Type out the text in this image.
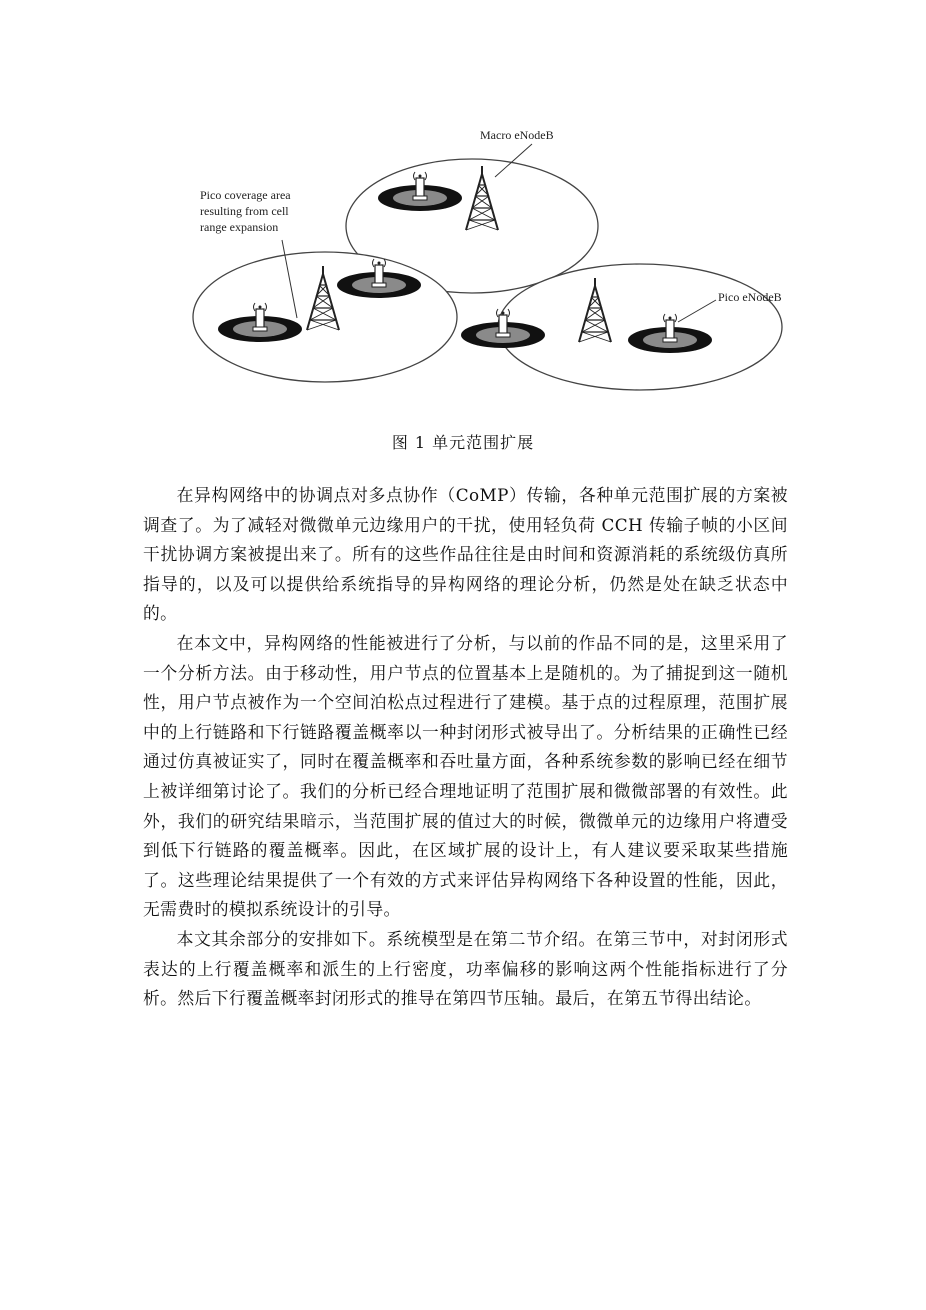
Macro eNodeB
Pico coverage area
resulting from cell
range expansion
Pico eNodeB
图 1 单元范围扩展

在异构网络中的协调点对多点协作（CoMP）传输，各种单元范围扩展的方案被调查了。为了减轻对微微单元边缘用户的干扰，使用轻负荷 CCH 传输子帧的小区间干扰协调方案被提出来了。所有的这些作品往往是由时间和资源消耗的系统级仿真所指导的，以及可以提供给系统指导的异构网络的理论分析，仍然是处在缺乏状态中的。

在本文中，异构网络的性能被进行了分析，与以前的作品不同的是，这里采用了一个分析方法。由于移动性，用户节点的位置基本上是随机的。为了捕捉到这一随机性，用户节点被作为一个空间泊松点过程进行了建模。基于点的过程原理，范围扩展中的上行链路和下行链路覆盖概率以一种封闭形式被导出了。分析结果的正确性已经通过仿真被证实了，同时在覆盖概率和吞吐量方面，各种系统参数的影响已经在细节上被详细第讨论了。我们的分析已经合理地证明了范围扩展和微微部署的有效性。此外，我们的研究结果暗示，当范围扩展的值过大的时候，微微单元的边缘用户将遭受到低下行链路的覆盖概率。因此，在区域扩展的设计上，有人建议要采取某些措施了。这些理论结果提供了一个有效的方式来评估异构网络下各种设置的性能，因此，无需费时的模拟系统设计的引导。

本文其余部分的安排如下。系统模型是在第二节介绍。在第三节中，对封闭形式表达的上行覆盖概率和派生的上行密度，功率偏移的影响这两个性能指标进行了分析。然后下行覆盖概率封闭形式的推导在第四节压轴。最后，在第五节得出结论。
